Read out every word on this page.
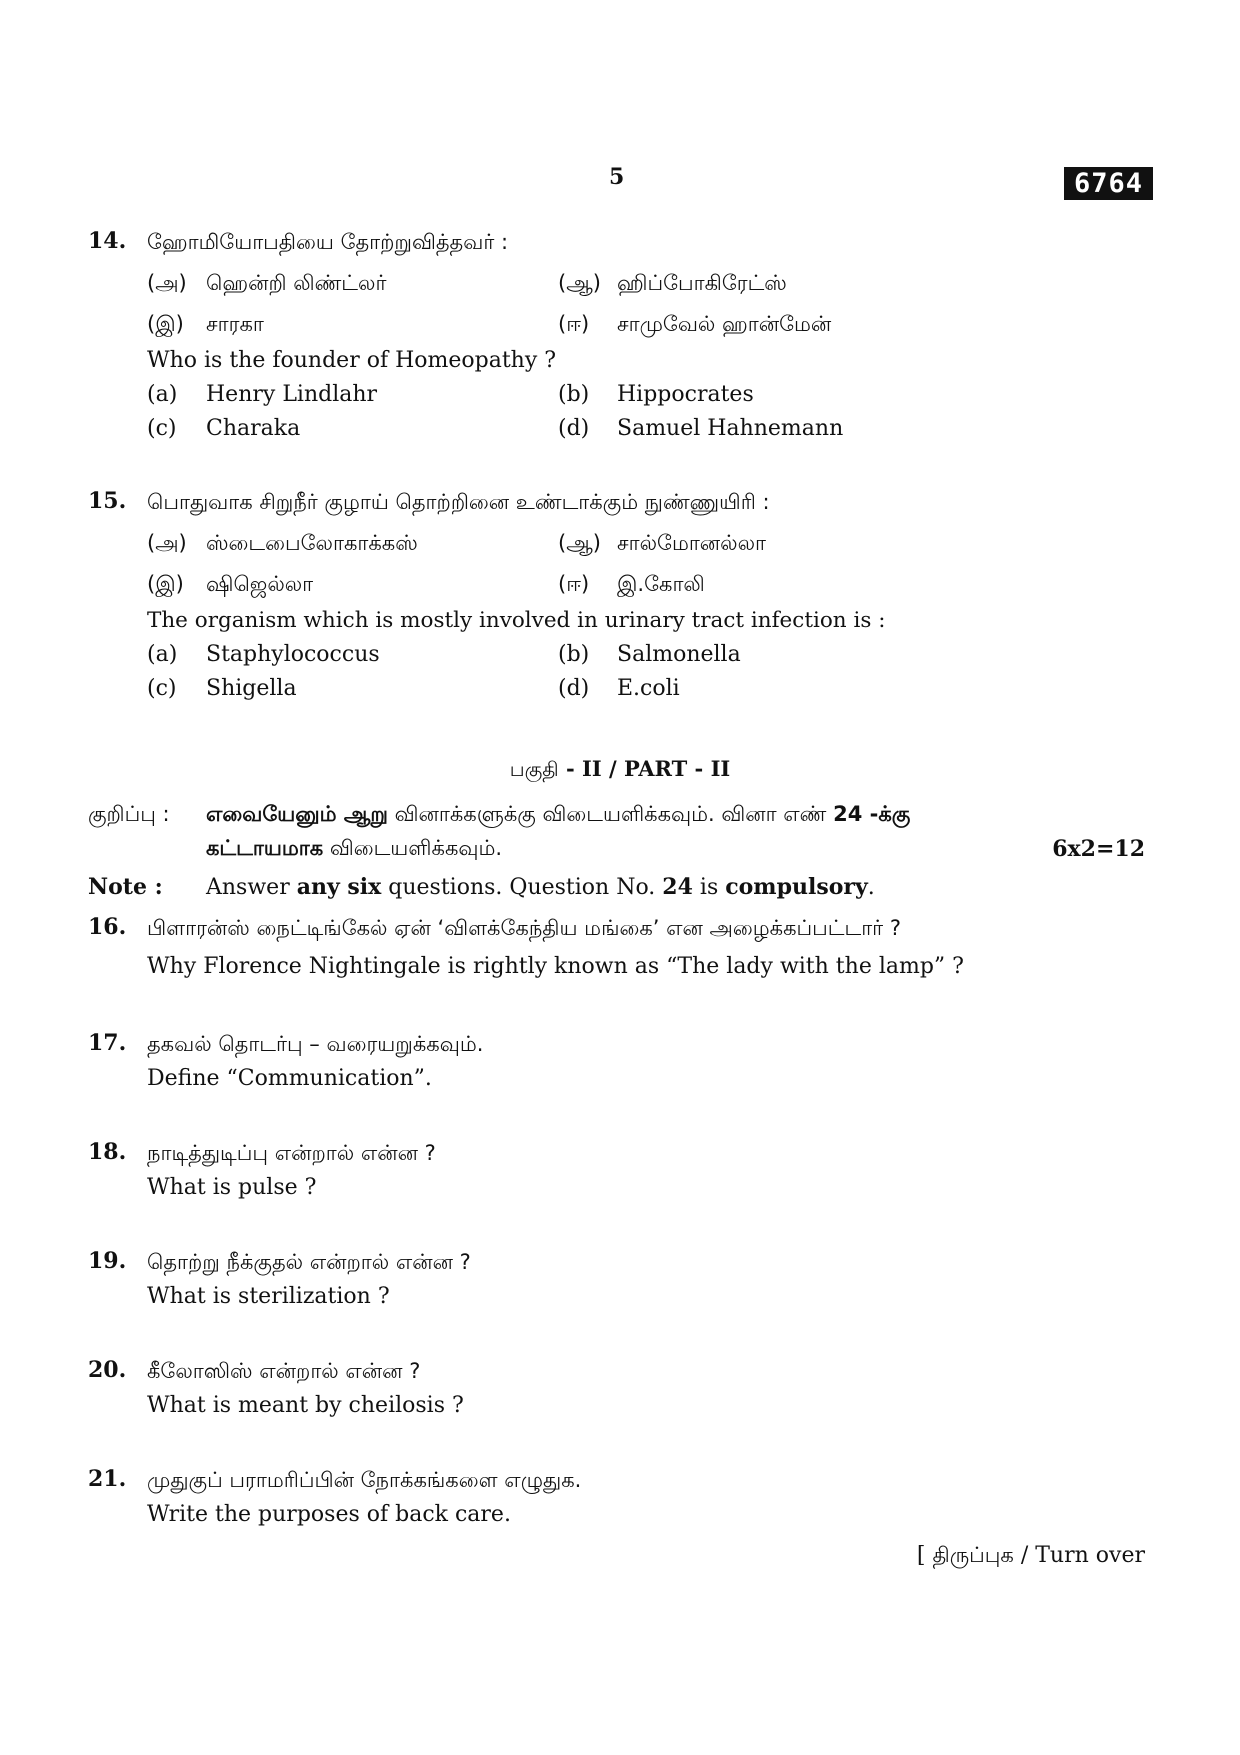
5	6764
14. ஹோமியோபதியை தோற்றுவித்தவர் :
(அ) ஹென்றி லிண்ட்லர்	(ஆ) ஹிப்போகிரேட்ஸ்
(இ) சாரகா	(ஈ) சாமுவேல் ஹான்மேன்
Who is the founder of Homeopathy ?
(a) Henry Lindlahr	(b) Hippocrates
(c) Charaka	(d) Samuel Hahnemann
15. பொதுவாக சிறுநீர் குழாய் தொற்றினை உண்டாக்கும் நுண்ணுயிரி :
(அ) ஸ்டைபைலோகாக்கஸ்	(ஆ) சால்மோனல்லா
(இ) ஷிஜெல்லா	(ஈ) இ.கோலி
The organism which is mostly involved in urinary tract infection is :
(a) Staphylococcus	(b) Salmonella
(c) Shigella	(d) E.coli
பகுதி - II / PART - II
குறிப்பு : எவையேனும் ஆறு வினாக்களுக்கு விடையளிக்கவும். வினா எண் 24 -க்கு
கட்டாயமாக விடையளிக்கவும்.	6x2=12
Note : Answer any six questions. Question No. 24 is compulsory.
16. பிளாரன்ஸ் நைட்டிங்கேல் ஏன் ‘விளக்கேந்திய மங்கை’ என அழைக்கப்பட்டார் ?
Why Florence Nightingale is rightly known as “The lady with the lamp” ?
17. தகவல் தொடர்பு – வரையறுக்கவும்.
Define “Communication”.
18. நாடித்துடிப்பு என்றால் என்ன ?
What is pulse ?
19. தொற்று நீக்குதல் என்றால் என்ன ?
What is sterilization ?
20. கீலோஸிஸ் என்றால் என்ன ?
What is meant by cheilosis ?
21. முதுகுப் பராமரிப்பின் நோக்கங்களை எழுதுக.
Write the purposes of back care.
[ திருப்புக / Turn over
